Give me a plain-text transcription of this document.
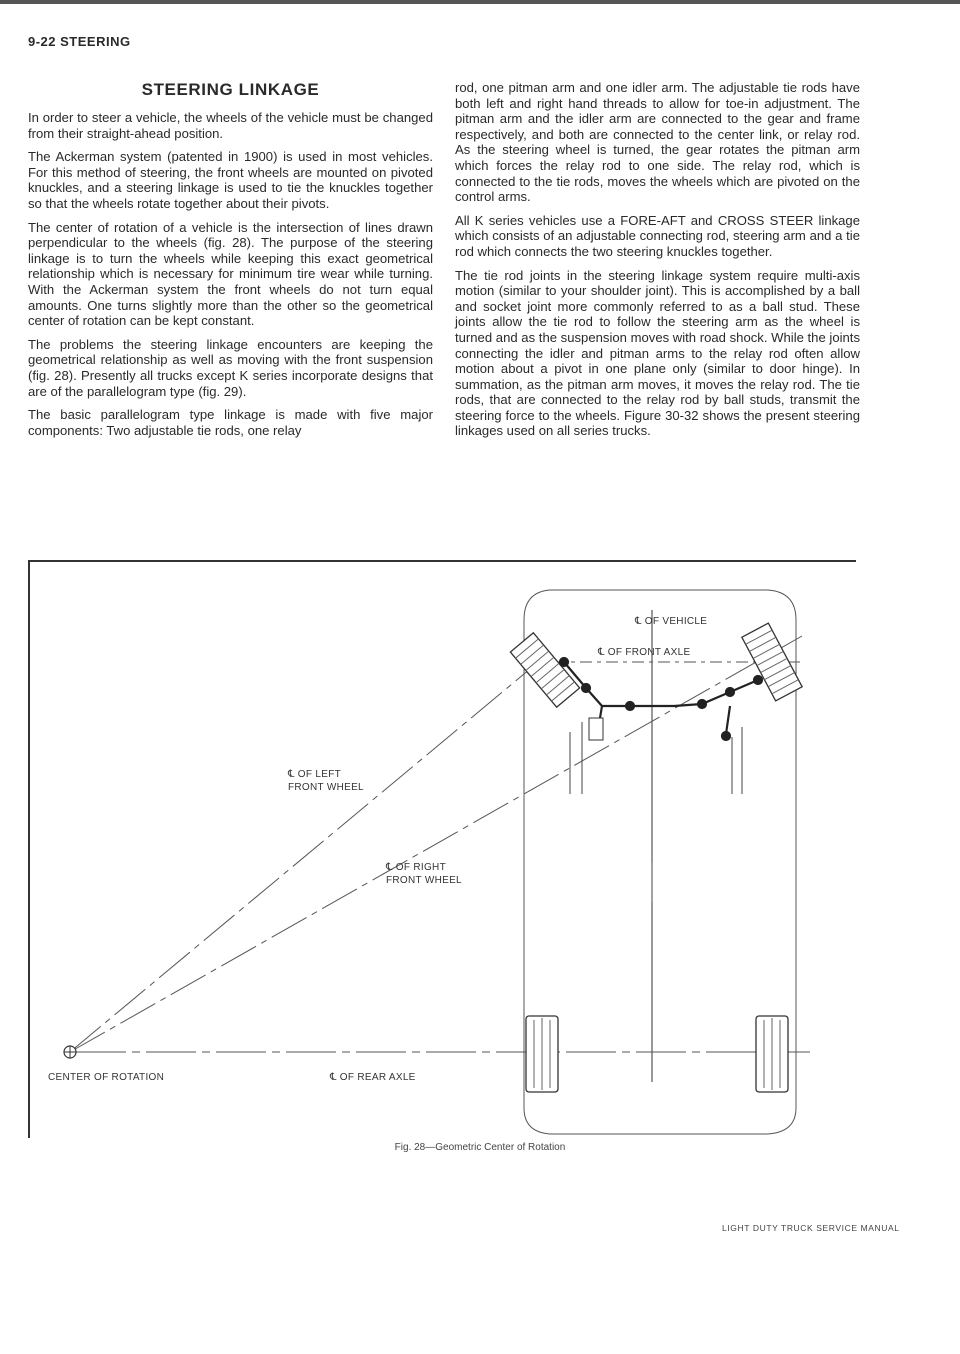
9-22 STEERING
STEERING LINKAGE

In order to steer a vehicle, the wheels of the vehicle must be changed from their straight-ahead position.

The Ackerman system (patented in 1900) is used in most vehicles. For this method of steering, the front wheels are mounted on pivoted knuckles, and a steering linkage is used to tie the knuckles together so that the wheels rotate together about their pivots.

The center of rotation of a vehicle is the intersection of lines drawn perpendicular to the wheels (fig. 28). The purpose of the steering linkage is to turn the wheels while keeping this exact geometrical relationship which is necessary for minimum tire wear while turning. With the Ackerman system the front wheels do not turn equal amounts. One turns slightly more than the other so the geometrical center of rotation can be kept constant.

The problems the steering linkage encounters are keeping the geometrical relationship as well as moving with the front suspension (fig. 28). Presently all trucks except K series incorporate designs that are of the parallelogram type (fig. 29).

The basic parallelogram type linkage is made with five major components: Two adjustable tie rods, one relay

rod, one pitman arm and one idler arm. The adjustable tie rods have both left and right hand threads to allow for toe-in adjustment. The pitman arm and the idler arm are connected to the gear and frame respectively, and both are connected to the center link, or relay rod. As the steering wheel is turned, the gear rotates the pitman arm which forces the relay rod to one side. The relay rod, which is connected to the tie rods, moves the wheels which are pivoted on the control arms.

All K series vehicles use a FORE-AFT and CROSS STEER linkage which consists of an adjustable connecting rod, steering arm and a tie rod which connects the two steering knuckles together.

The tie rod joints in the steering linkage system require multi-axis motion (similar to your shoulder joint). This is accomplished by a ball and socket joint more commonly referred to as a ball stud. These joints allow the tie rod to follow the steering arm as the wheel is turned and as the suspension moves with road shock. While the joints connecting the idler and pitman arms to the relay rod often allow motion about a pivot in one plane only (similar to door hinge). In summation, as the pitman arm moves, it moves the relay rod. The tie rods, that are connected to the relay rod by ball studs, transmit the steering force to the wheels. Figure 30-32 shows the present steering linkages used on all series trucks.

℄ OF VEHICLE
℄ OF FRONT AXLE
℄ OF LEFT
FRONT WHEEL
℄ OF RIGHT
FRONT WHEEL
CENTER OF ROTATION	℄ OF REAR AXLE
Fig. 28—Geometric Center of Rotation
LIGHT DUTY TRUCK SERVICE MANUAL
